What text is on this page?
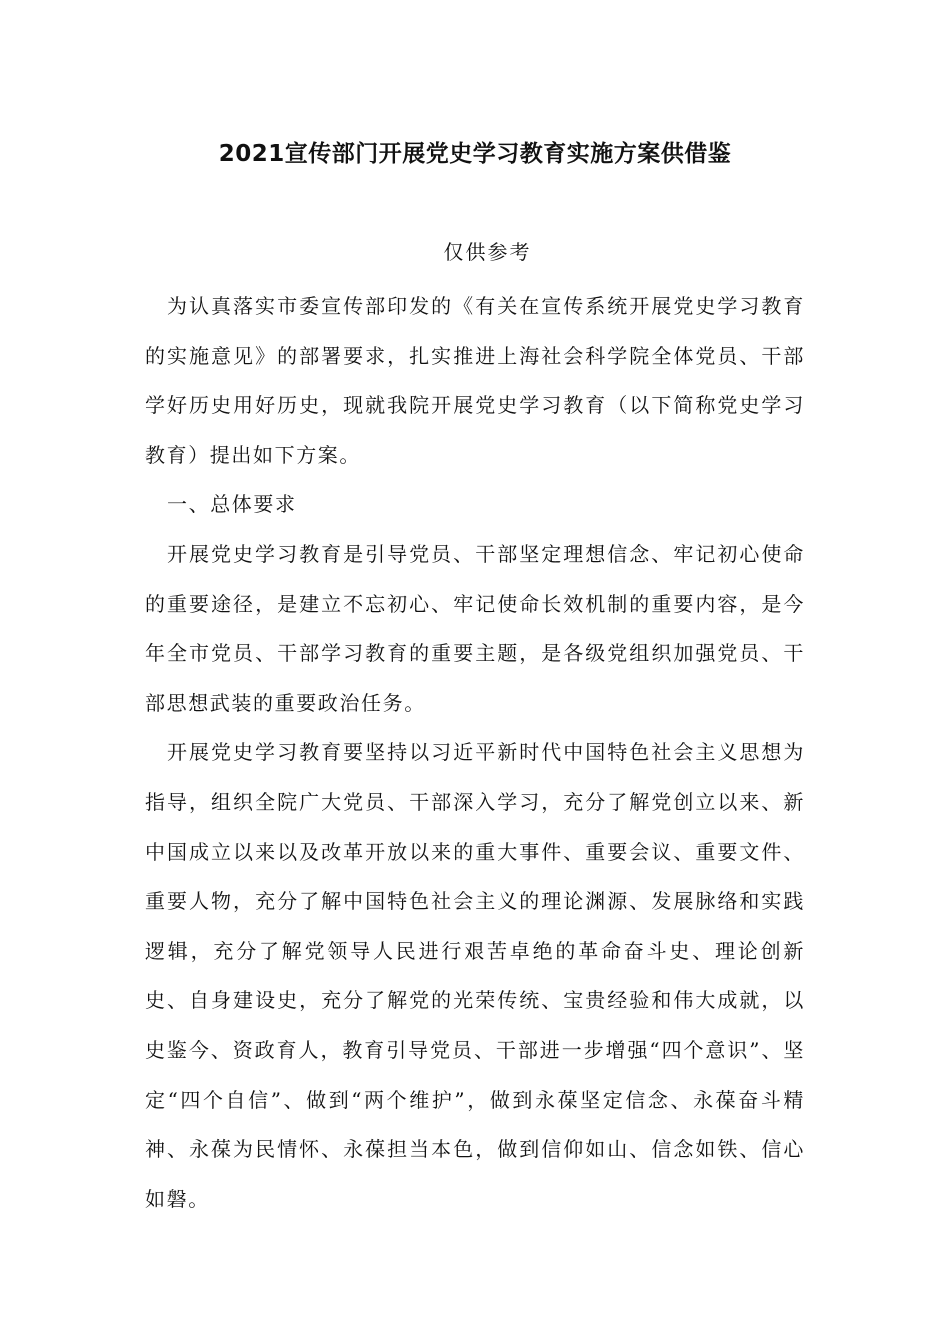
2021宣传部门开展党史学习教育实施方案供借鉴
仅供参考

为认真落实市委宣传部印发的《有关在宣传系统开展党史学习教育的实施意见》的部署要求，扎实推进上海社会科学院全体党员、干部学好历史用好历史，现就我院开展党史学习教育（以下简称党史学习教育）提出如下方案。

一、总体要求

开展党史学习教育是引导党员、干部坚定理想信念、牢记初心使命的重要途径，是建立不忘初心、牢记使命长效机制的重要内容，是今年全市党员、干部学习教育的重要主题，是各级党组织加强党员、干部思想武装的重要政治任务。

开展党史学习教育要坚持以习近平新时代中国特色社会主义思想为指导，组织全院广大党员、干部深入学习，充分了解党创立以来、新中国成立以来以及改革开放以来的重大事件、重要会议、重要文件、重要人物，充分了解中国特色社会主义的理论渊源、发展脉络和实践逻辑，充分了解党领导人民进行艰苦卓绝的革命奋斗史、理论创新史、自身建设史，充分了解党的光荣传统、宝贵经验和伟大成就，以史鉴今、资政育人，教育引导党员、干部进一步增强“四个意识”、坚定“四个自信”、做到“两个维护”，做到永葆坚定信念、永葆奋斗精神、永葆为民情怀、永葆担当本色，做到信仰如山、信念如铁、信心如磐。
